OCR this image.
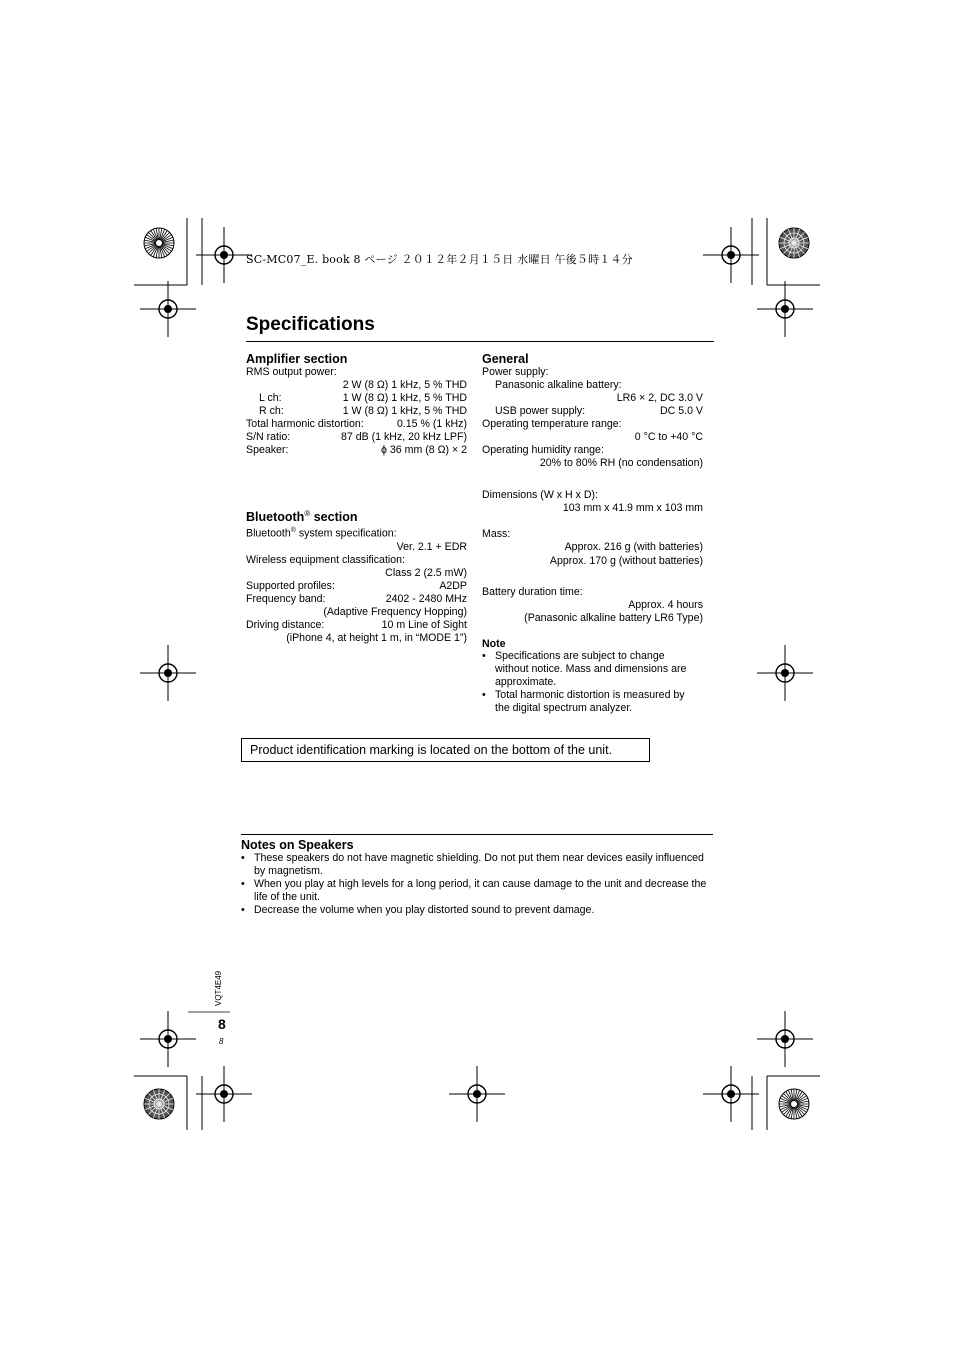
SC-MC07_E. book 8 ページ ２０１２年２月１５日 水曜日 午後５時１４分
Specifications
Amplifier section
RMS output power:
2 W (8 Ω) 1 kHz, 5 % THD
L ch:	1 W (8 Ω) 1 kHz, 5 % THD
R ch:	1 W (8 Ω) 1 kHz, 5 % THD
Total harmonic distortion:	0.15 % (1 kHz)
S/N ratio:	87 dB (1 kHz, 20 kHz LPF)
Speaker:	ϕ 36 mm (8 Ω) × 2
Bluetooth® section
Bluetooth® system specification:
Ver. 2.1 + EDR
Wireless equipment classification:
Class 2 (2.5 mW)
Supported profiles:	A2DP
Frequency band:	2402 - 2480 MHz
(Adaptive Frequency Hopping)
Driving distance:	10 m Line of Sight
(iPhone 4, at height 1 m, in “MODE 1”)
General
Power supply:
Panasonic alkaline battery:
LR6 × 2, DC 3.0 V
USB power supply:	DC 5.0 V
Operating temperature range:
0 °C to +40 °C
Operating humidity range:
20% to 80% RH (no condensation)
Dimensions (W x H x D):
103 mm x 41.9 mm x 103 mm
Mass:
Approx. 216 g (with batteries)
Approx. 170 g (without batteries)
Battery duration time:
Approx. 4 hours
(Panasonic alkaline battery LR6 Type)
Note
• Specifications are subject to change without notice. Mass and dimensions are approximate.
• Total harmonic distortion is measured by the digital spectrum analyzer.
Product identification marking is located on the bottom of the unit.
Notes on Speakers
• These speakers do not have magnetic shielding. Do not put them near devices easily influenced by magnetism.
• When you play at high levels for a long period, it can cause damage to the unit and decrease the life of the unit.
• Decrease the volume when you play distorted sound to prevent damage.
VQT4E49
8
8
